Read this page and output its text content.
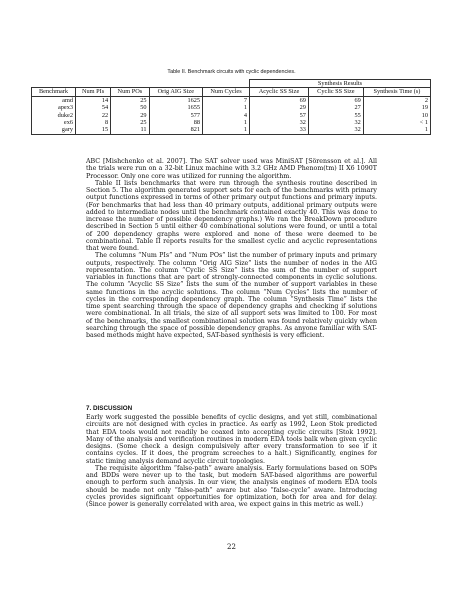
Table II. Benchmark circuits with cyclic dependencies.
					Synthesis Results		
Benchmark	Num PIs	Num POs	Orig AIG Size	Num Cycles	Acyclic SS Size	Cyclic SS Size	Synthesis Time (s)
amd	14	25	1625	7	69	69	2
apex3	54	50	1655	1	29	27	19
duke2	22	29	577	4	57	55	10
ex6	8	25	88	1	32	32	< 1
gary	15	11	821	1	33	32	1

ABC [Mishchenko et al. 2007]. The SAT solver used was MiniSAT [Sörensson et al.]. All the trials were run on a 32-bit Linux machine with 3.2 GHz AMD Phenom(tm) II X6 1090T Processor. Only one core was utilized for running the algorithm.

Table II lists benchmarks that were run through the synthesis routine described in Section 5. The algorithm generated support sets for each of the benchmarks with primary output functions expressed in terms of other primary output functions and primary inputs. (For benchmarks that had less than 40 primary outputs, additional primary outputs were added to intermediate nodes until the benchmark contained exactly 40. This was done to increase the number of possible dependency graphs.) We ran the BreakDown procedure described in Section 5 until either 40 combinational solutions were found, or until a total of 200 dependency graphs were explored and none of these were deemed to be combinational. Table II reports results for the smallest cyclic and acyclic representations that were found.

The columns “Num PIs” and “Num POs” list the number of primary inputs and primary outputs, respectively. The column “Orig AIG Size” lists the number of nodes in the AIG representation. The column “Cyclic SS Size” lists the sum of the number of support variables in functions that are part of strongly-connected components in cyclic solutions. The column “Acyclic SS Size” lists the sum of the number of support variables in these same functions in the acyclic solutions. The column “Num Cycles” lists the number of cycles in the corresponding dependency graph. The column “Synthesis Time” lists the time spent searching through the space of dependency graphs and checking if solutions were combinational. In all trials, the size of all support sets was limited to 100. For most of the benchmarks, the smallest combinational solution was found relatively quickly when searching through the space of possible dependency graphs. As anyone familiar with SAT-based methods might have expected, SAT-based synthesis is very efficient.

7. DISCUSSION

Early work suggested the possible benefits of cyclic designs, and yet still, combinational circuits are not designed with cycles in practice. As early as 1992, Leon Stok predicted that EDA tools would not readily be coaxed into accepting cyclic circuits [Stok 1992]. Many of the analysis and verification routines in modern EDA tools balk when given cyclic designs. (Some check a design compulsively after every transformation to see if it contains cycles. If it does, the program screeches to a halt.) Significantly, engines for static timing analysis demand acyclic circuit topologies.

The requisite algorithm “false-path” aware analysis. Early formulations based on SOPs and BDDs were never up to the task, but modern SAT-based algorithms are powerful enough to perform such analysis. In our view, the analysis engines of modern EDA tools should be made not only “false-path” aware but also “false-cycle” aware. Introducing cycles provides significant opportunities for optimization, both for area and for delay. (Since power is generally correlated with area, we expect gains in this metric as well.)

22
